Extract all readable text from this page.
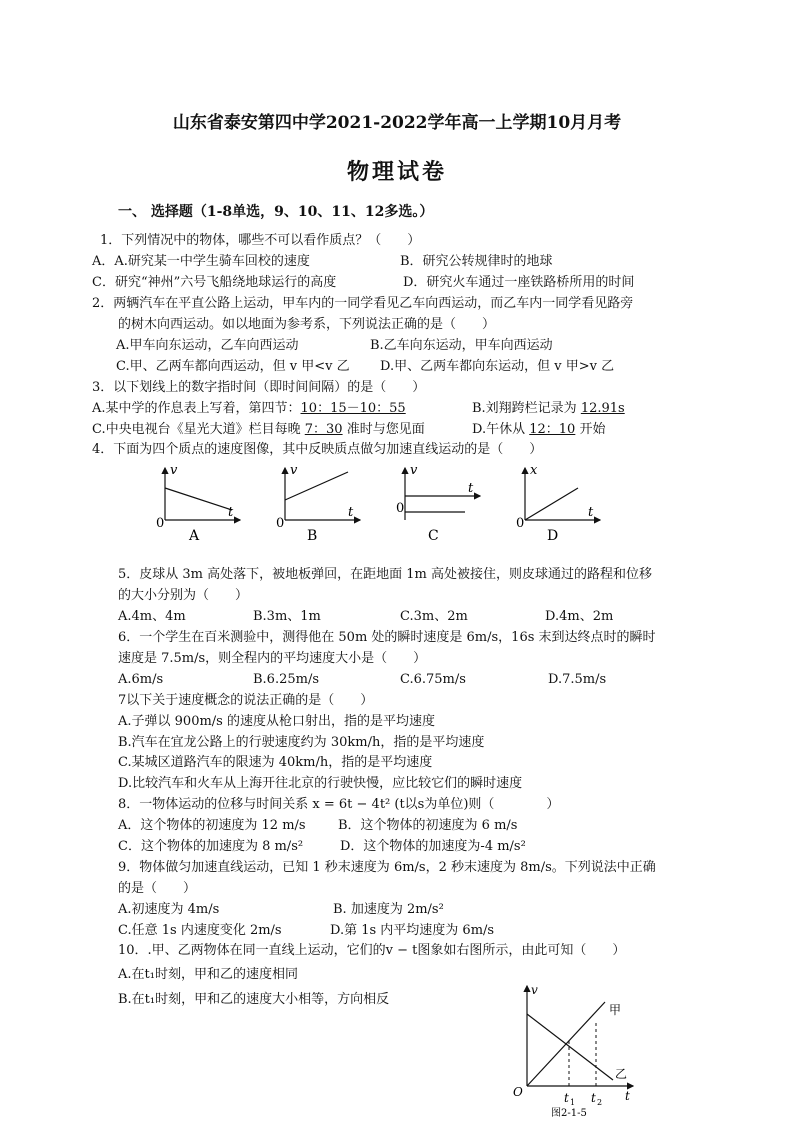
山东省泰安第四中学2021-2022学年高一上学期10月月考
物理试卷
一、 选择题（1-8单选，9、10、11、12多选。）
1．下列情况中的物体，哪些不可以看作质点？（　　）
A．A.研究某一中学生骑车回校的速度	B．研究公转规律时的地球
C．研究“神州”六号飞船绕地球运行的高度	D．研究火车通过一座铁路桥所用的时间
2．两辆汽车在平直公路上运动，甲车内的一同学看见乙车向西运动，而乙车内一同学看见路旁
的树木向西运动。如以地面为参考系，下列说法正确的是（　　）
A.甲车向东运动，乙车向西运动	B.乙车向东运动，甲车向西运动
C.甲、乙两车都向西运动，但 v 甲<v 乙 D.甲、乙两车都向东运动，但 v 甲>v 乙
3．以下划线上的数字指时间（即时间间隔）的是（　　）
A.某中学的作息表上写着，第四节：10：15－10：55	B.刘翔跨栏记录为 12.91s
C.中央电视台《星光大道》栏目每晚 7：30 准时与您见面	D.午休从 12：10 开始
4．下面为四个质点的速度图像，其中反映质点做匀加速直线运动的是（　　）
v
t
0
A
v
t
0
B
v
t
0
C
x
t
0
D
5．皮球从 3m 高处落下，被地板弹回，在距地面 1m 高处被接住，则皮球通过的路程和位移
的大小分别为（　　）
A.4m、4m	B.3m、1m	C.3m、2m	D.4m、2m
6．一个学生在百米测验中，测得他在 50m 处的瞬时速度是 6m/s，16s 末到达终点时的瞬时
速度是 7.5m/s，则全程内的平均速度大小是（　　）
A.6m/s	B.6.25m/s	C.6.75m/s	D.7.5m/s
7以下关于速度概念的说法正确的是（　　）
A.子弹以 900m/s 的速度从枪口射出，指的是平均速度
B.汽车在宜龙公路上的行驶速度约为 30km/h，指的是平均速度
C.某城区道路汽车的限速为 40km/h，指的是平均速度
D.比较汽车和火车从上海开往北京的行驶快慢，应比较它们的瞬时速度
8．一物体运动的位移与时间关系 x = 6t − 4t² (t以s为单位)则（　　　　）
A．这个物体的初速度为 12 m/s B．这个物体的初速度为 6 m/s
C．这个物体的加速度为 8 m/s²	D．这个物体的加速度为-4 m/s²
9．物体做匀加速直线运动，已知 1 秒末速度为 6m/s，2 秒末速度为 8m/s。下列说法中正确
的是（　　）
A.初速度为 4m/s	B. 加速度为 2m/s²
C.任意 1s 内速度变化 2m/s	D.第 1s 内平均速度为 6m/s
10．.甲、乙两物体在同一直线上运动，它们的v − t图象如右图所示，由此可知（　　）
A.在t₁时刻，甲和乙的速度相同
B.在t₁时刻，甲和乙的速度大小相等，方向相反
v
t
O
甲
乙
t 1 t 2
图2-1-5
